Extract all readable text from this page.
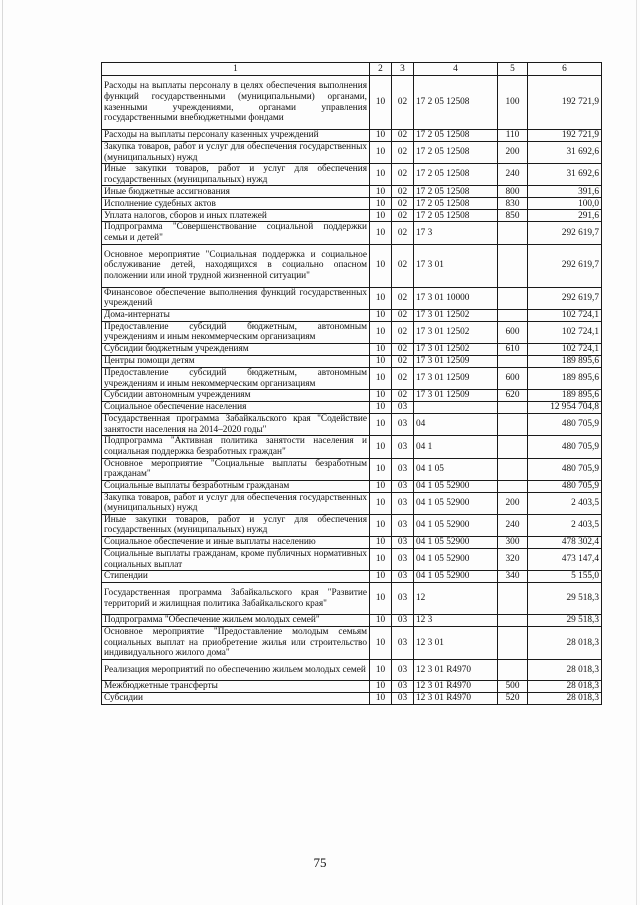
1	2	3	4	5	6
Расходы на выплаты персоналу в целях обеспечения выполнения функций государственными (муниципальными) органами, казенными учреждениями, органами управления государственными внебюджетными фондами	10	02	17 2 05 12508	100	192 721,9
Расходы на выплаты персоналу казенных учреждений	10	02	17 2 05 12508	110	192 721,9
Закупка товаров, работ и услуг для обеспечения государственных (муниципальных) нужд	10	02	17 2 05 12508	200	31 692,6
Иные закупки товаров, работ и услуг для обеспечения государственных (муниципальных) нужд	10	02	17 2 05 12508	240	31 692,6
Иные бюджетные ассигнования	10	02	17 2 05 12508	800	391,6
Исполнение судебных актов	10	02	17 2 05 12508	830	100,0
Уплата налогов, сборов и иных платежей	10	02	17 2 05 12508	850	291,6
Подпрограмма "Совершенствование социальной поддержки семьи и детей"	10	02	17 3		292 619,7
Основное мероприятие "Социальная поддержка и социальное обслуживание детей, находящихся в социально опасном положении или иной трудной жизненной ситуации"	10	02	17 3 01		292 619,7
Финансовое обеспечение выполнения функций государственных учреждений	10	02	17 3 01 10000		292 619,7
Дома-интернаты	10	02	17 3 01 12502		102 724,1
Предоставление субсидий бюджетным, автономным учреждениям и иным некоммерческим организациям	10	02	17 3 01 12502	600	102 724,1
Субсидии бюджетным учреждениям	10	02	17 3 01 12502	610	102 724,1
Центры помощи детям	10	02	17 3 01 12509		189 895,6
Предоставление субсидий бюджетным, автономным учреждениям и иным некоммерческим организациям	10	02	17 3 01 12509	600	189 895,6
Субсидии автономным учреждениям	10	02	17 3 01 12509	620	189 895,6
Социальное обеспечение населения	10	03			12 954 704,8
Государственная программа Забайкальского края "Содействие занятости населения на 2014–2020 годы"	10	03	04		480 705,9
Подпрограмма "Активная политика занятости населения и социальная поддержка безработных граждан"	10	03	04 1		480 705,9
Основное мероприятие "Социальные выплаты безработным гражданам"	10	03	04 1 05		480 705,9
Социальные выплаты безработным гражданам	10	03	04 1 05 52900		480 705,9
Закупка товаров, работ и услуг для обеспечения государственных (муниципальных) нужд	10	03	04 1 05 52900	200	2 403,5
Иные закупки товаров, работ и услуг для обеспечения государственных (муниципальных) нужд	10	03	04 1 05 52900	240	2 403,5
Социальное обеспечение и иные выплаты населению	10	03	04 1 05 52900	300	478 302,4
Социальные выплаты гражданам, кроме публичных нормативных социальных выплат	10	03	04 1 05 52900	320	473 147,4
Стипендии	10	03	04 1 05 52900	340	5 155,0
Государственная программа Забайкальского края "Развитие территорий и жилищная политика Забайкальского края"	10	03	12		29 518,3
Подпрограмма "Обеспечение жильем молодых семей"	10	03	12 3		29 518,3
Основное мероприятие "Предоставление молодым семьям социальных выплат на приобретение жилья или строительство индивидуального жилого дома"	10	03	12 3 01		28 018,3
Реализация мероприятий по обеспечению жильем молодых семей	10	03	12 3 01 R4970		28 018,3
Межбюджетные трансферты	10	03	12 3 01 R4970	500	28 018,3
Субсидии	10	03	12 3 01 R4970	520	28 018,3
75
